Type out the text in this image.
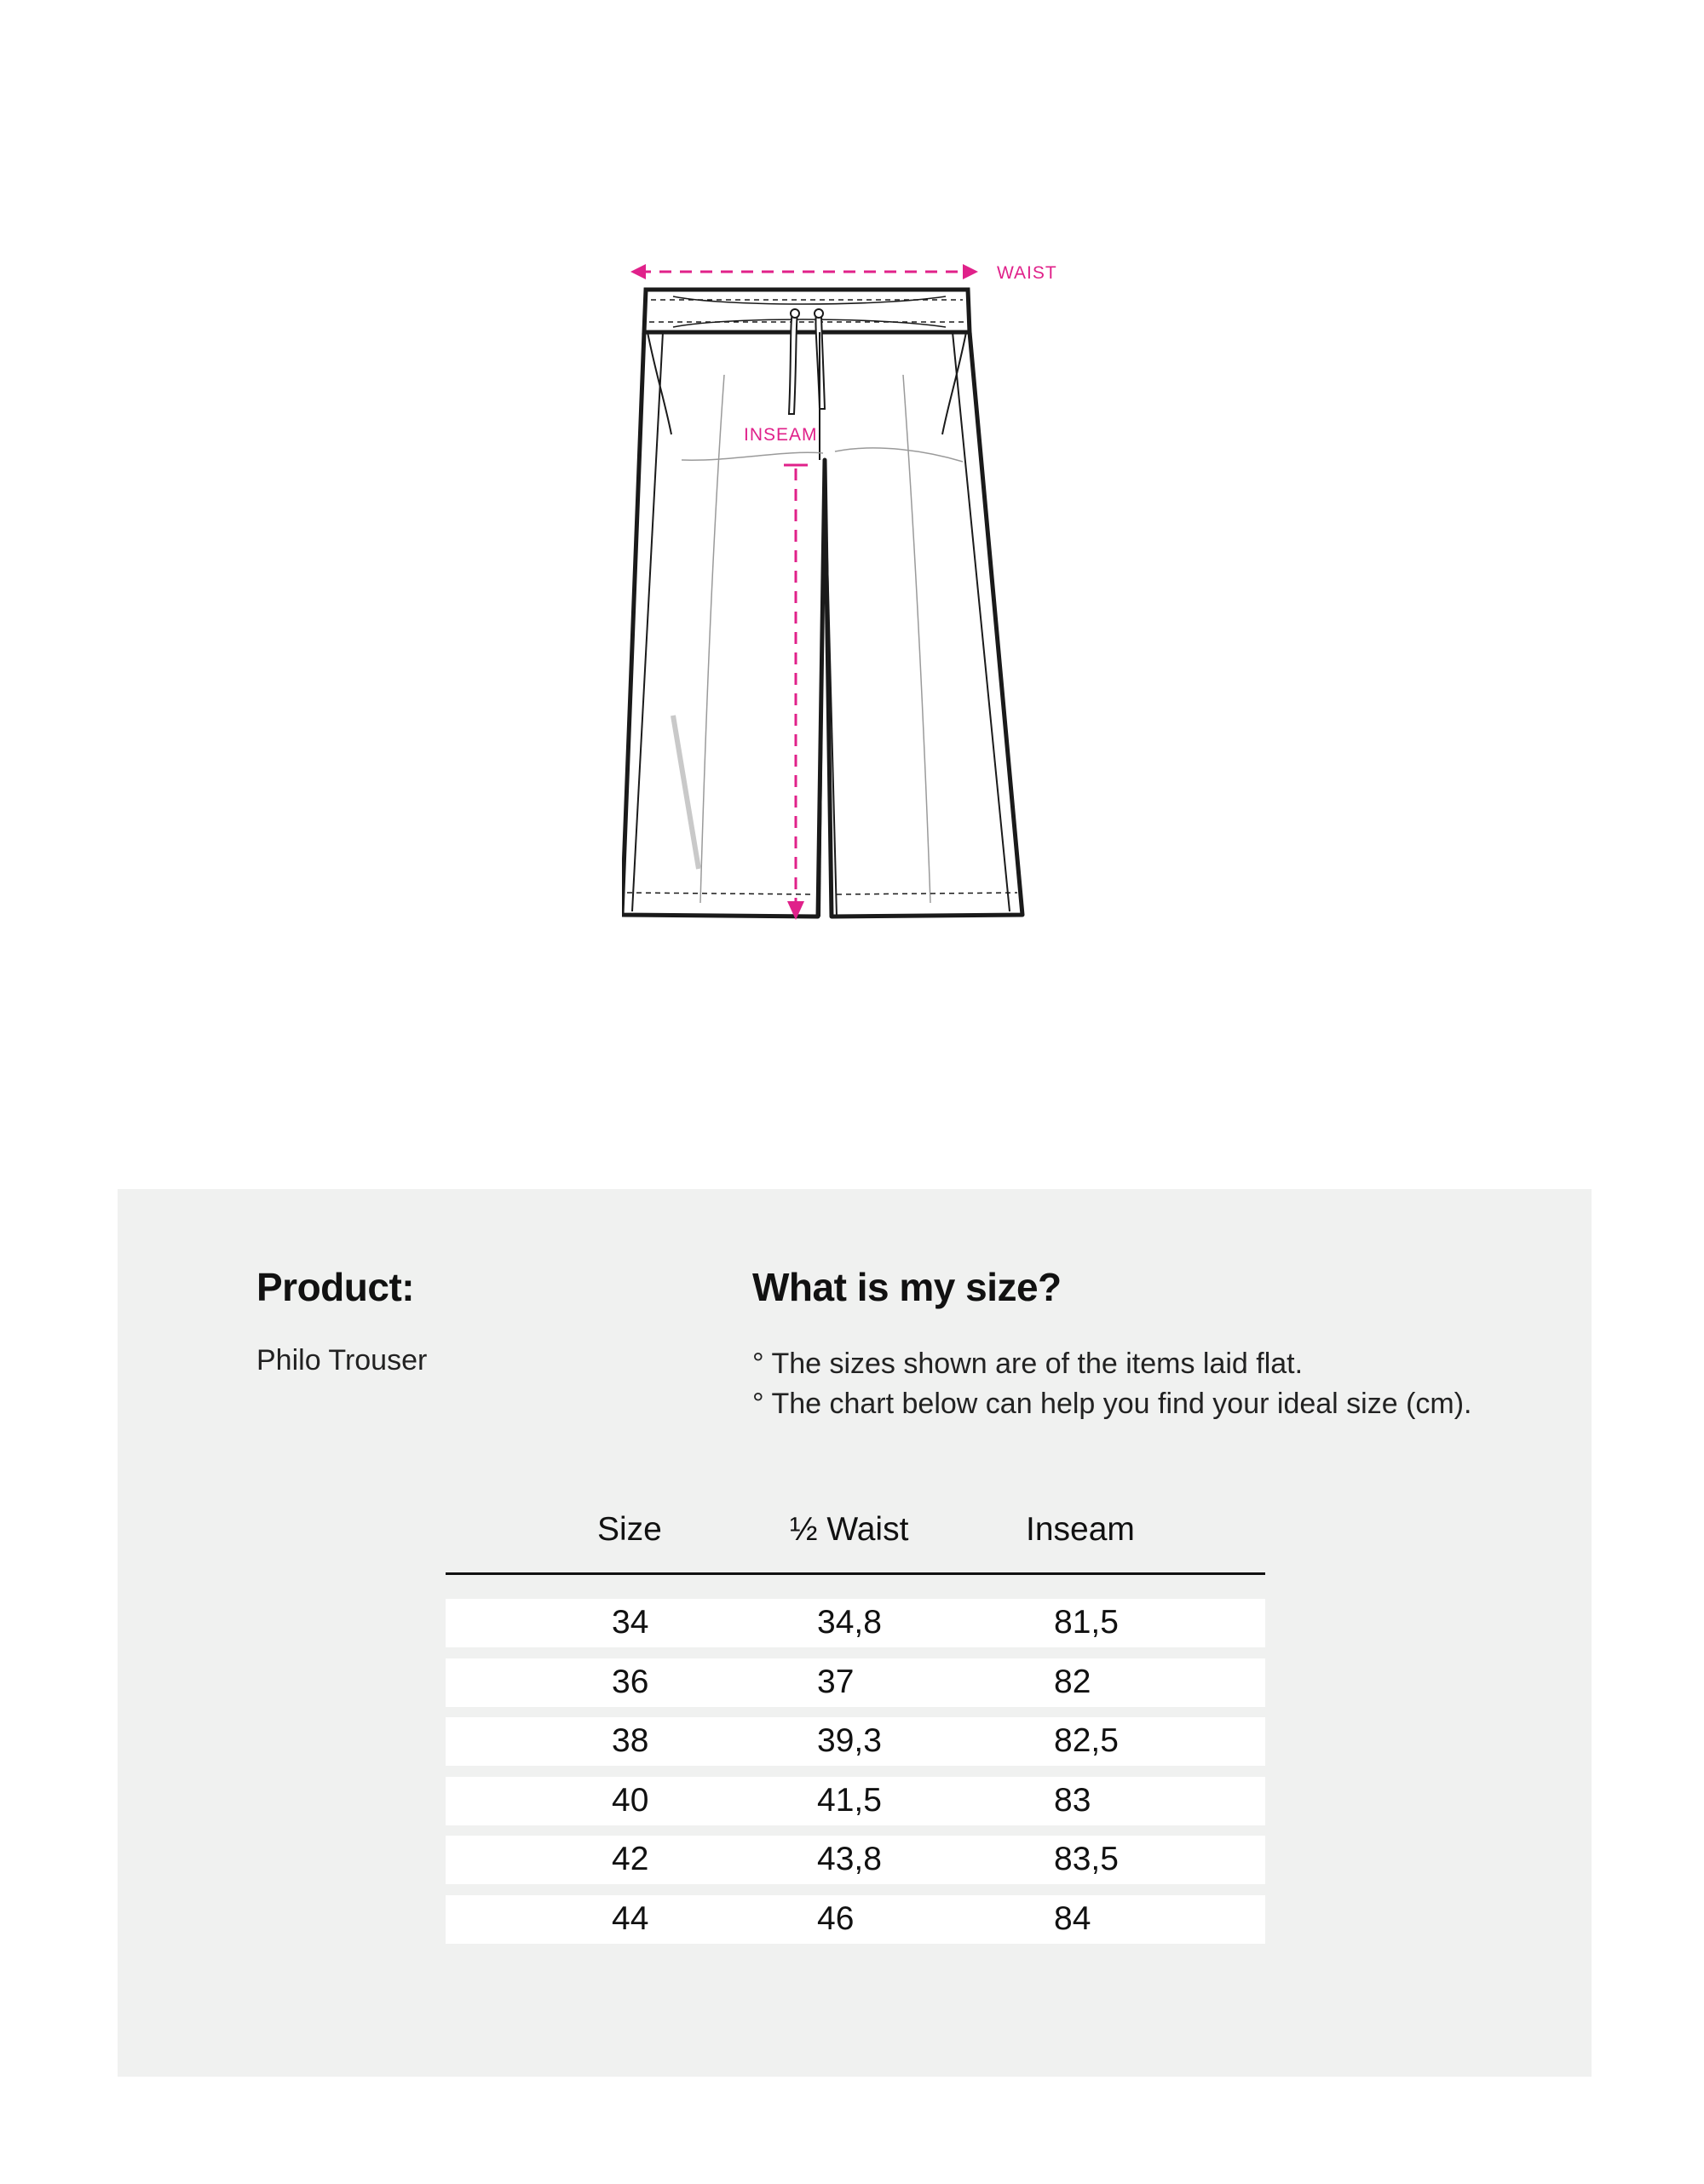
WAIST
INSEAM
Product:
Philo Trouser
What is my size?
° The sizes shown are of the items laid flat.
° The chart below can help you find your ideal size (cm).
Size	½ Waist	Inseam
34	34,8	81,5
36	37	82
38	39,3	82,5
40	41,5	83
42	43,8	83,5
44	46	84
